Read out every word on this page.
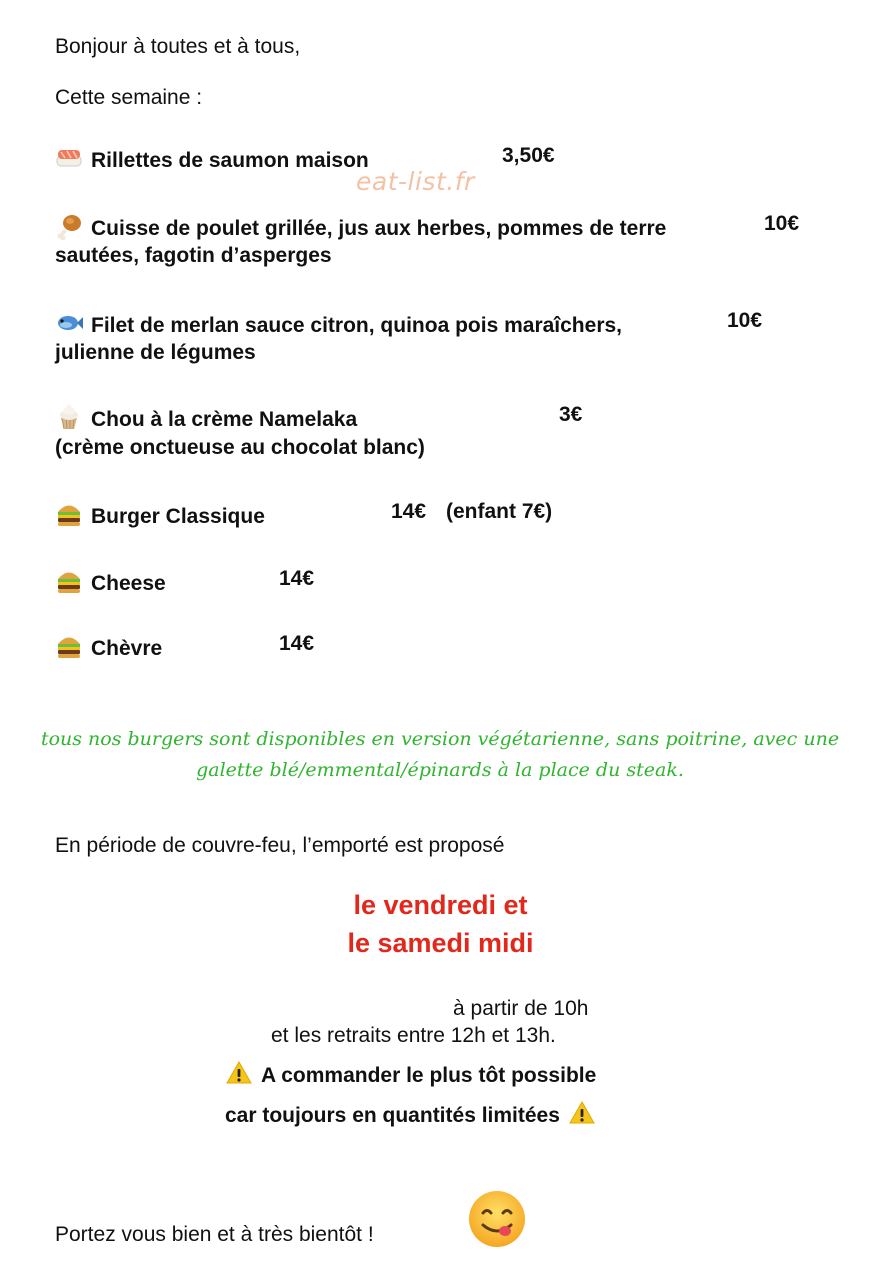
Bonjour à toutes et à tous,
Cette semaine :
Rillettes de saumon maison	3,50€
eat-list.fr
Cuisse de poulet grillée, jus aux herbes, pommes de terre
sautées, fagotin d’asperges
10€
Filet de merlan sauce citron, quinoa pois maraîchers,
julienne de légumes
10€
Chou à la crème Namelaka
(crème onctueuse au chocolat blanc)
3€
Burger Classique	14€ (enfant 7€)
Cheese	14€
Chèvre	14€
tous nos burgers sont disponibles en version végétarienne, sans poitrine, avec une galette blé/emmental/épinards à la place du steak.
En période de couvre-feu, l’emporté est proposé
le vendredi et
le samedi midi
à partir de 10h
et les retraits entre 12h et 13h.
A commander le plus tôt possible
car toujours en quantités limitées
Portez vous bien et à très bientôt !
